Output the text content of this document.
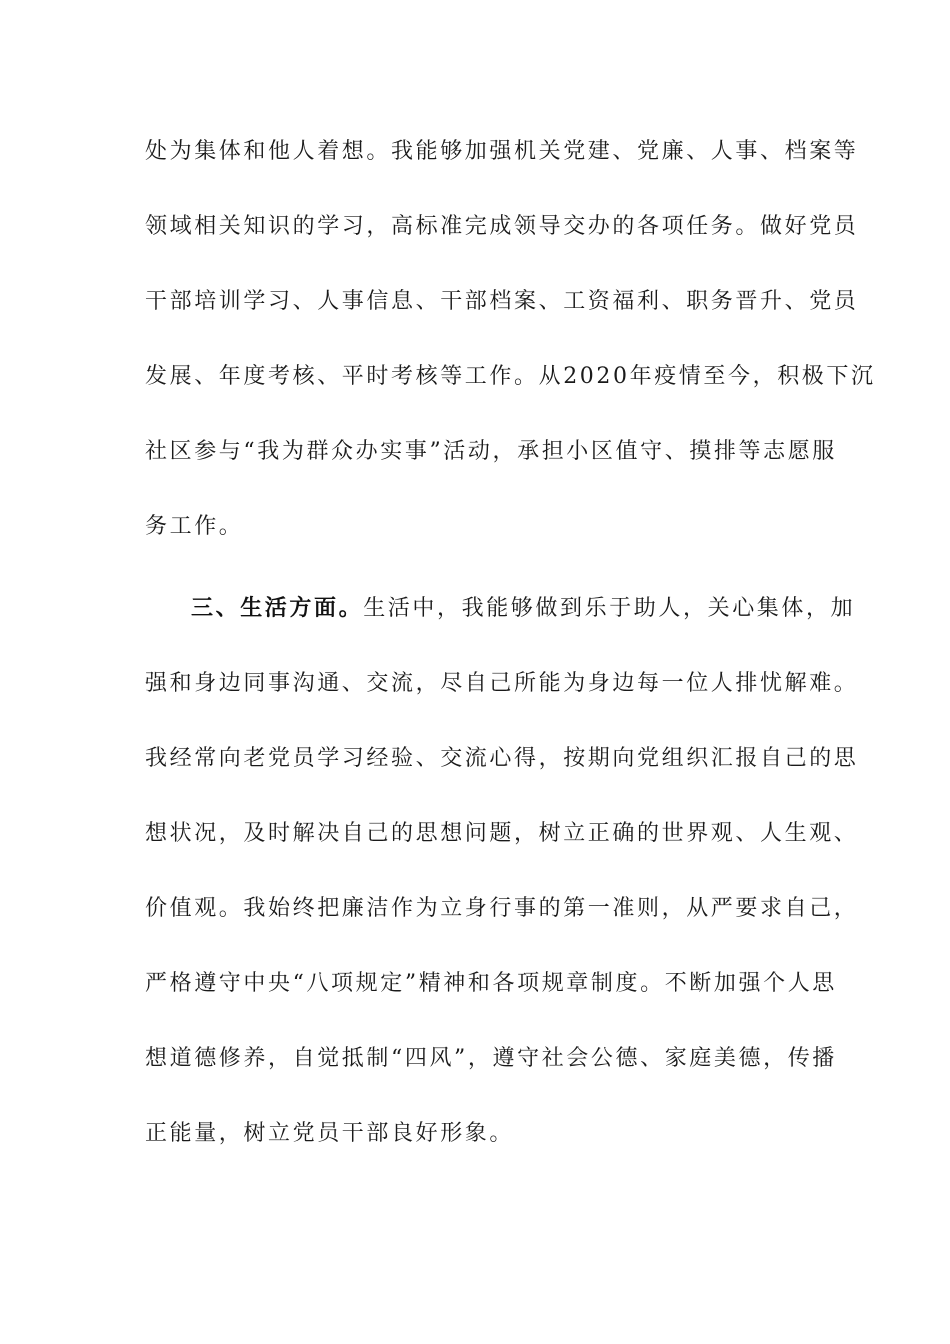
处为集体和他人着想。我能够加强机关党建、党廉、人事、档案等
领域相关知识的学习，高标准完成领导交办的各项任务。做好党员
干部培训学习、人事信息、干部档案、工资福利、职务晋升、党员
发展、年度考核、平时考核等工作。从2020年疫情至今，积极下沉
社区参与“我为群众办实事”活动，承担小区值守、摸排等志愿服
务工作。
三、生活方面。生活中，我能够做到乐于助人，关心集体，加
强和身边同事沟通、交流，尽自己所能为身边每一位人排忧解难。
我经常向老党员学习经验、交流心得，按期向党组织汇报自己的思
想状况，及时解决自己的思想问题，树立正确的世界观、人生观、
价值观。我始终把廉洁作为立身行事的第一准则，从严要求自己，
严格遵守中央“八项规定”精神和各项规章制度。不断加强个人思
想道德修养，自觉抵制“四风”，遵守社会公德、家庭美德，传播
正能量，树立党员干部良好形象。
